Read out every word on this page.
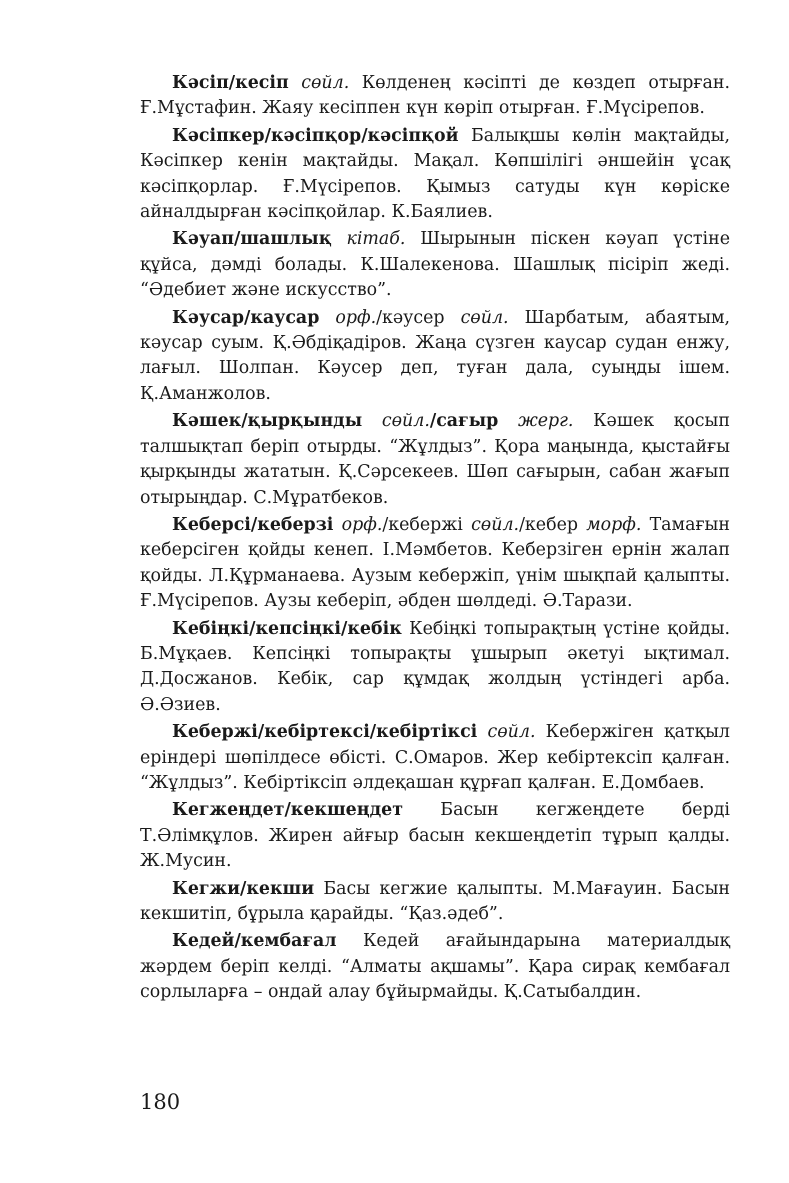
Кәсіп/кесіп сөйл. Көлденең кәсіпті де көздеп отырған. Ғ.Мұстафин. Жаяу кесіппен күн көріп отырған. Ғ.Мүсірепов.

Кәсіпкер/кәсіпқор/кәсіпқой Балықшы көлін мақтайды, Кәсіпкер кенін мақтайды. Мақал. Көпшілігі әншейін ұсақ кәсіпқорлар. Ғ.Мүсірепов. Қымыз сатуды күн көріске айналдырған кәсіпқойлар. К.Баялиев.

Кәуап/шашлық кітаб. Шырынын піскен кәуап үстіне құйса, дәмді болады. К.Шалекенова. Шашлық пісіріп жеді. “Әдебиет және искусство”.

Кәусар/каусар орф./кәусер сөйл. Шарбатым, абаятым, кәусар суым. Қ.Әбдіқадіров. Жаңа сүзген каусар судан енжу, лағыл. Шолпан. Кәусер деп, туған дала, суыңды ішем. Қ.Аманжолов.

Кәшек/қырқынды сөйл./сағыр жерг. Кәшек қосып талшықтап беріп отырды. “Жұлдыз”. Қора маңында, қыстайғы қырқынды жататын. Қ.Сәрсекеев. Шөп сағырын, сабан жағып отырыңдар. С.Мұратбеков.

Кеберсі/кеберзі орф./кебержі сөйл./кебер морф. Тамағын кеберсіген қойды кенеп. І.Мәмбетов. Кеберзіген ернін жалап қойды. Л.Құрманаева. Аузым кебержіп, үнім шықпай қалыпты. Ғ.Мүсірепов. Аузы кеберіп, әбден шөлдеді. Ә.Тарази.

Кебіңкі/кепсіңкі/кебік Кебіңкі топырақтың үстіне қойды. Б.Мұқаев. Кепсіңкі топырақты ұшырып әкетуі ықтимал. Д.Досжанов. Кебік, сар құмдақ жолдың үстіндегі арба. Ә.Әзиев.

Кебержі/кебіртексі/кебіртіксі сөйл. Кебержіген қатқыл еріндері шөпілдесе өбісті. С.Омаров. Жер кебіртексіп қалған. “Жұлдыз”. Кебіртіксіп әлдеқашан құрғап қалған. Е.Домбаев.

Кегжеңдет/кекшеңдет Басын кегжеңдете берді Т.Әлімқұлов. Жирен айғыр басын кекшеңдетіп тұрып қалды. Ж.Мусин.

Кегжи/кекши Басы кегжие қалыпты. М.Мағауин. Басын кекшитіп, бұрыла қарайды. “Қаз.әдеб”.

Кедей/кембағал Кедей ағайындарына материалдық жәрдем беріп келді. “Алматы ақшамы”. Қара сирақ кембағал сорлыларға – ондай алау бұйырмайды. Қ.Сатыбалдин.

180
